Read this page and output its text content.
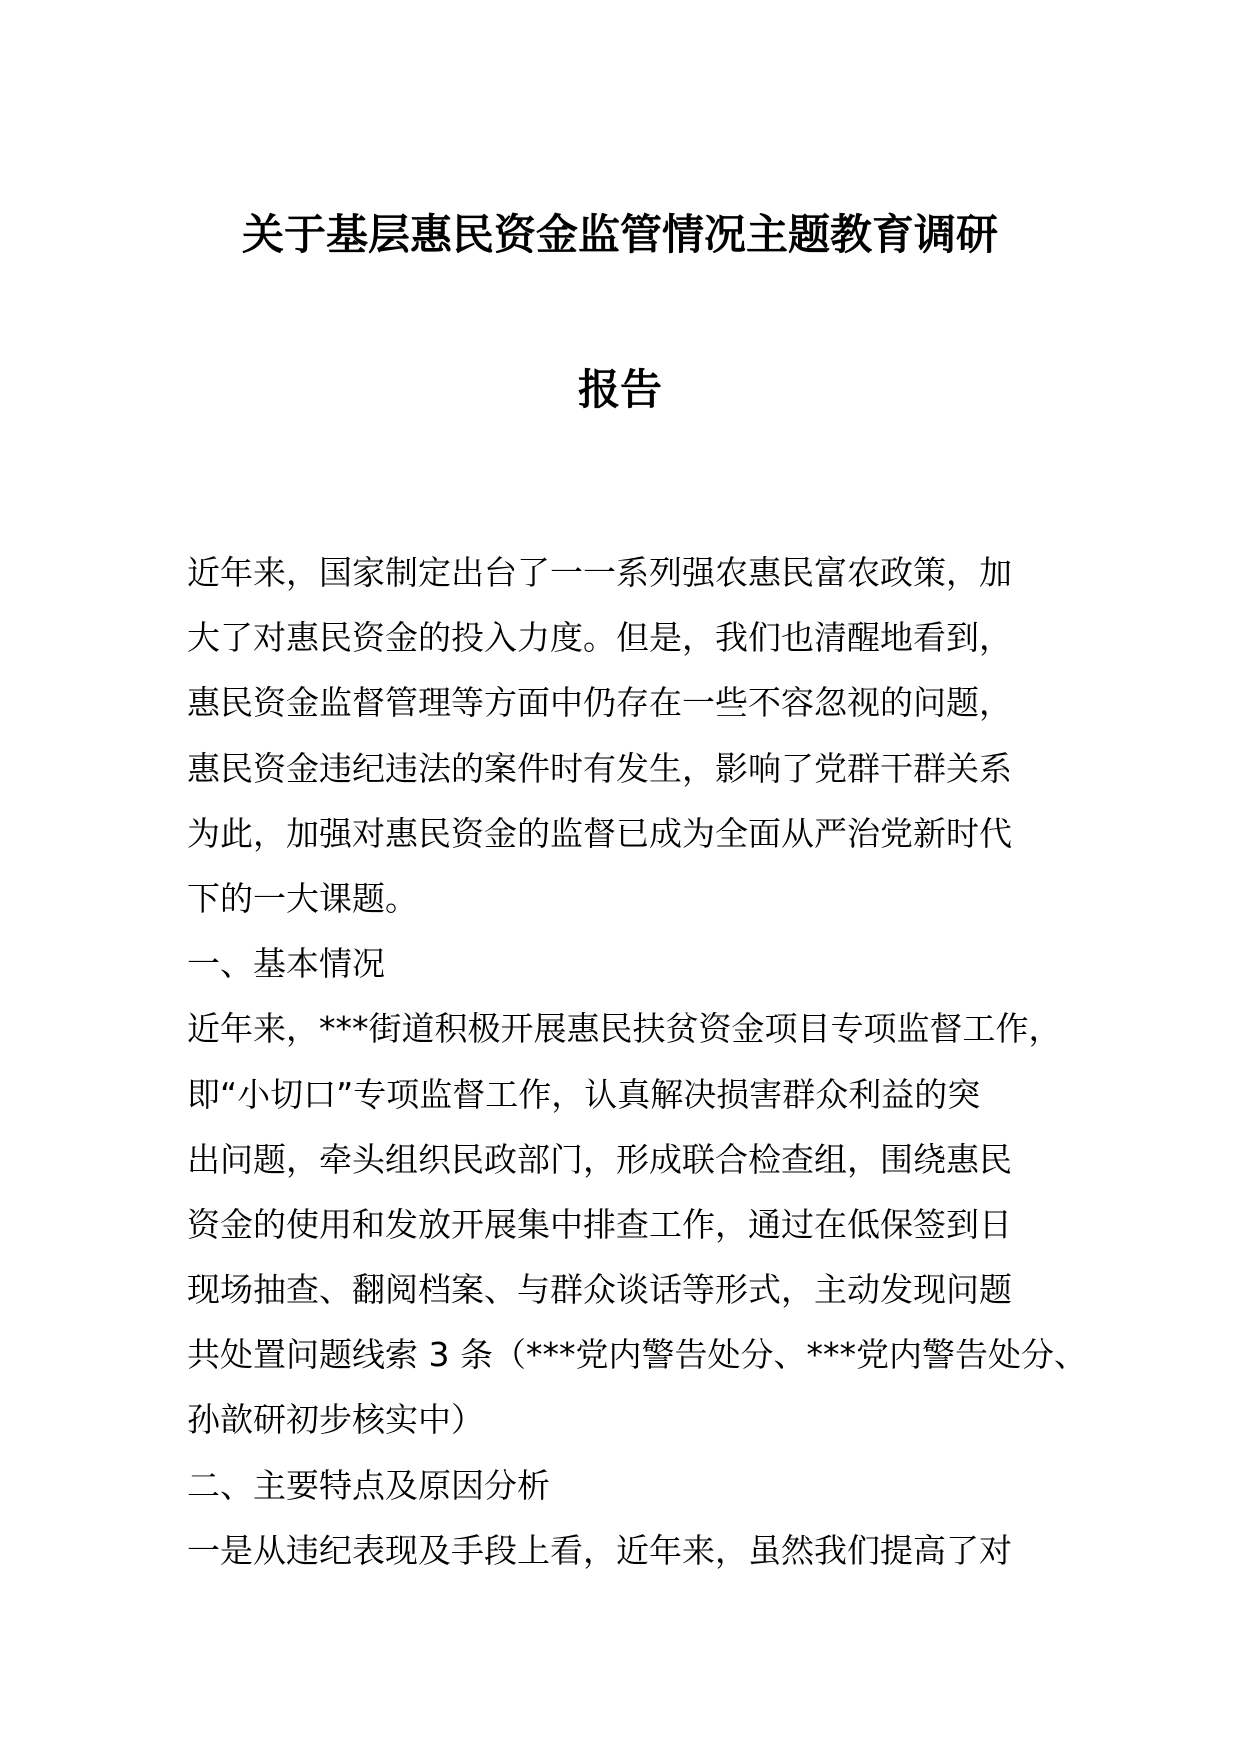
关于基层惠民资金监管情况主题教育调研
报告
近年来，国家制定出台了一一系列强农惠民富农政策，加
大了对惠民资金的投入力度。但是，我们也清醒地看到，
惠民资金监督管理等方面中仍存在一些不容忽视的问题，
惠民资金违纪违法的案件时有发生，影响了党群干群关系
为此，加强对惠民资金的监督已成为全面从严治党新时代
下的一大课题。
一、基本情况
近年来，***街道积极开展惠民扶贫资金项目专项监督工作，
即“小切口”专项监督工作，认真解决损害群众利益的突
出问题，牵头组织民政部门，形成联合检查组，围绕惠民
资金的使用和发放开展集中排查工作，通过在低保签到日
现场抽查、翻阅档案、与群众谈话等形式，主动发现问题
共处置问题线索 3 条（***党内警告处分、***党内警告处分、
孙歆研初步核实中）
二、主要特点及原因分析
一是从违纪表现及手段上看，近年来，虽然我们提高了对
